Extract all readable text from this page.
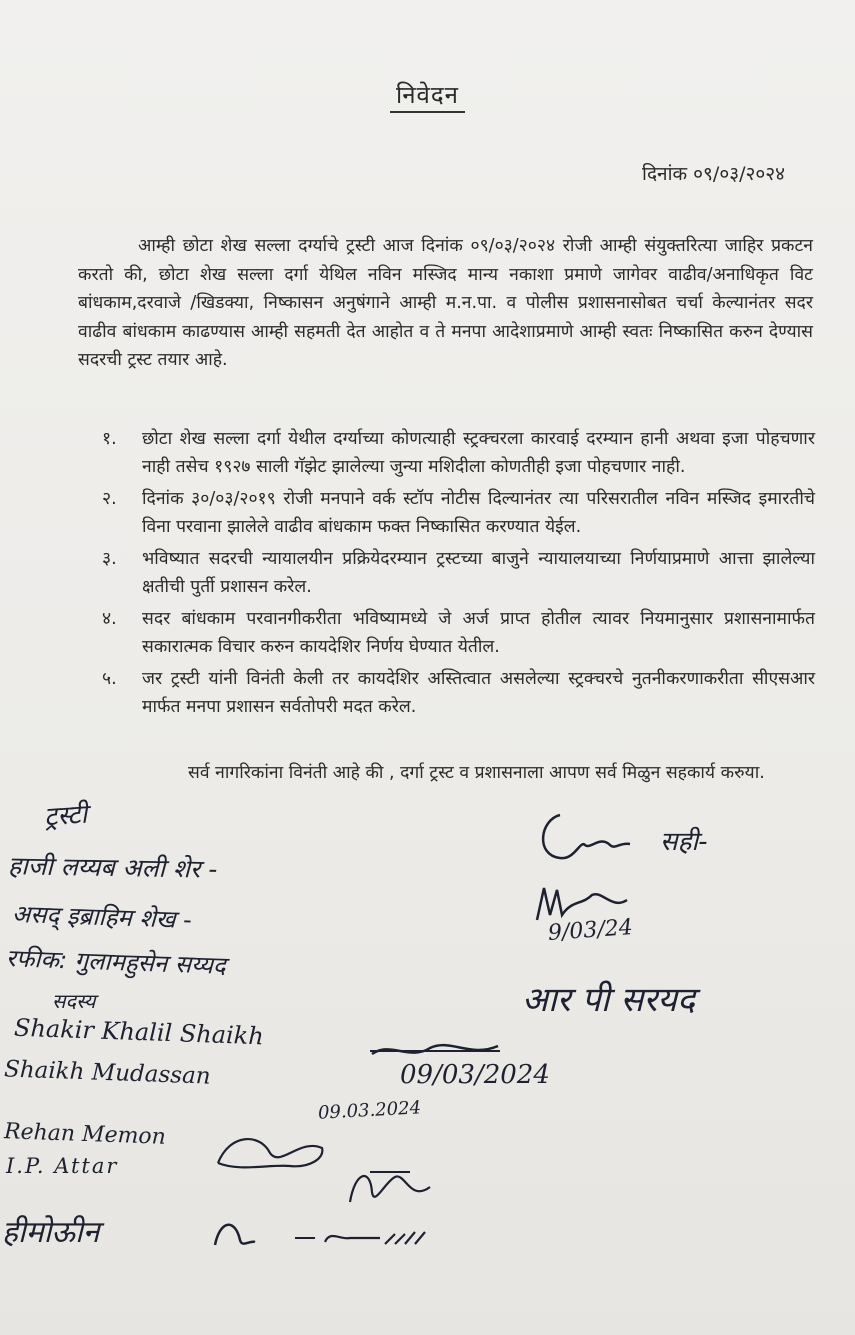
निवेदन
दिनांक ०९/०३/२०२४
आम्ही छोटा शेख सल्ला दर्ग्याचे ट्रस्टी आज दिनांक ०९/०३/२०२४ रोजी आम्ही संयुक्तरित्या जाहिर प्रकटन करतो की, छोटा शेख सल्ला दर्गा येथिल नविन मस्जिद मान्य नकाशा प्रमाणे जागेवर वाढीव/अनाधिकृत विट बांधकाम,दरवाजे /खिडक्या, निष्कासन अनुषंगाने आम्ही म.न.पा. व पोलीस प्रशासनासोबत चर्चा केल्यानंतर सदर वाढीव बांधकाम काढण्यास आम्ही सहमती देत आहोत व ते मनपा आदेशाप्रमाणे आम्ही स्वतः निष्कासित करुन देण्यास सदरची ट्रस्ट तयार आहे.
१.	छोटा शेख सल्ला दर्गा येथील दर्ग्याच्या कोणत्याही स्ट्रक्चरला कारवाई दरम्यान हानी अथवा इजा पोहचणार नाही तसेच १९२७ साली गॅझेट झालेल्या जुन्या मशिदीला कोणतीही इजा पोहचणार नाही.
२.	दिनांक ३०/०३/२०१९ रोजी मनपाने वर्क स्टॉप नोटीस दिल्यानंतर त्या परिसरातील नविन मस्जिद इमारतीचे विना परवाना झालेले वाढीव बांधकाम फक्त निष्कासित करण्यात येईल.
३.	भविष्यात सदरची न्यायालयीन प्रक्रियेदरम्यान ट्रस्टच्या बाजुने न्यायालयाच्या निर्णयाप्रमाणे आत्ता झालेल्या क्षतीची पुर्ती प्रशासन करेल.
४.	सदर बांधकाम परवानगीकरीता भविष्यामध्ये जे अर्ज प्राप्त होतील त्यावर नियमानुसार प्रशासनामार्फत सकारात्मक विचार करुन कायदेशिर निर्णय घेण्यात येतील.
५.	जर ट्रस्टी यांनी विनंती केली तर कायदेशिर अस्तित्वात असलेल्या स्ट्रक्चरचे नुतनीकरणाकरीता सीएसआर मार्फत मनपा प्रशासन सर्वतोपरी मदत करेल.
सर्व नागरिकांना विनंती आहे की , दर्गा ट्रस्ट व प्रशासनाला आपण सर्व मिळुन सहकार्य करुया.
ट्रस्टी
हाजी लय्यब अली शेर -
असद् इब्राहिम शेख -
रफीक: गुलामहुसेन सय्यद
सदस्य
Shakir Khalil Shaikh
Shaikh Mudassan
Rehan Memon
I.P. Attar
हीमोऊीन
सही-
9/03/24
आर पी सरयद
09/03/2024
09.03.2024
